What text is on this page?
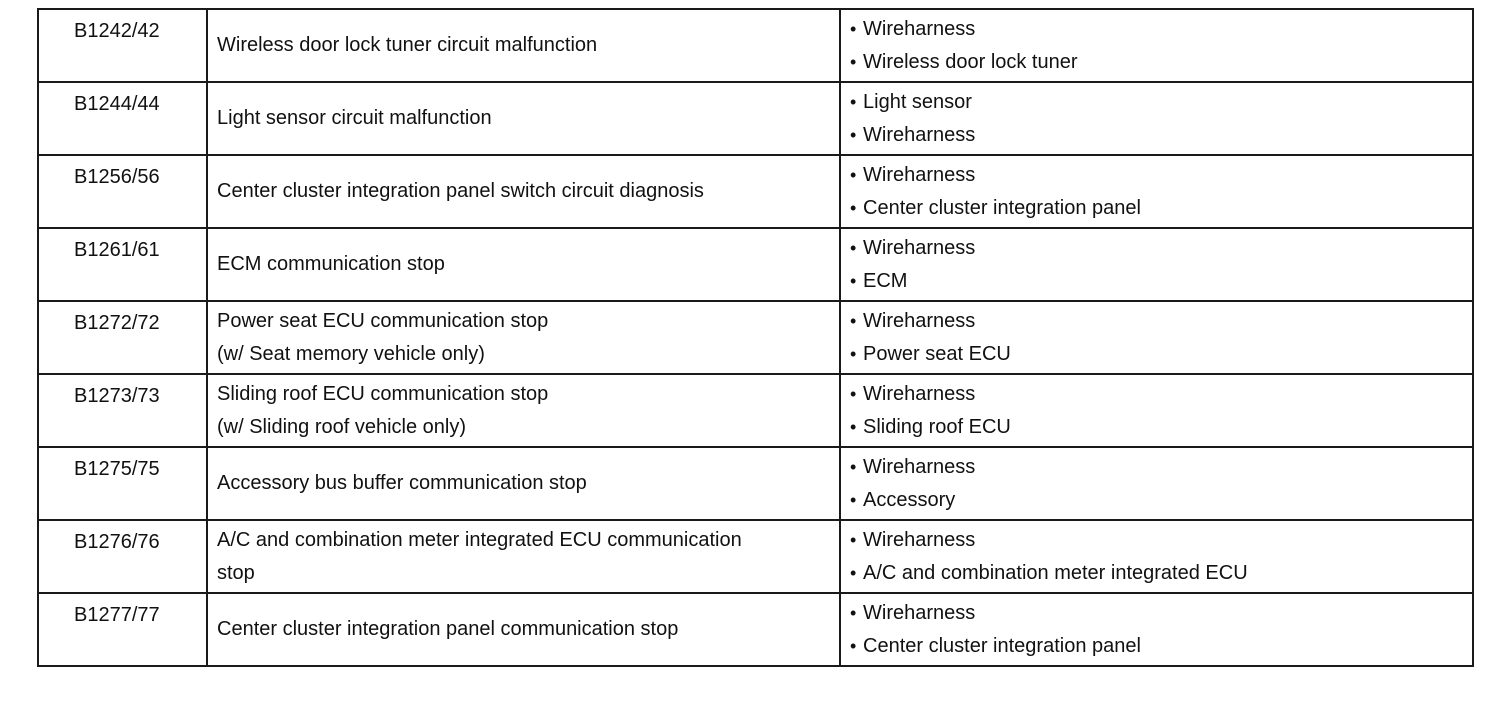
B1242/42	Wireless door lock tuner circuit malfunction	• Wireharness
• Wireless door lock tuner

B1244/44	Light sensor circuit malfunction	• Light sensor
• Wireharness

B1256/56	Center cluster integration panel switch circuit diagnosis	• Wireharness
• Center cluster integration panel

B1261/61	ECM communication stop	• Wireharness
• ECM

B1272/72	Power seat ECU communication stop
(w/ Seat memory vehicle only)	• Wireharness
• Power seat ECU

B1273/73	Sliding roof ECU communication stop
(w/ Sliding roof vehicle only)	• Wireharness
• Sliding roof ECU

B1275/75	Accessory bus buffer communication stop	• Wireharness
• Accessory

B1276/76	A/C and combination meter integrated ECU communication
stop	• Wireharness
• A/C and combination meter integrated ECU

B1277/77	Center cluster integration panel communication stop	• Wireharness
• Center cluster integration panel
